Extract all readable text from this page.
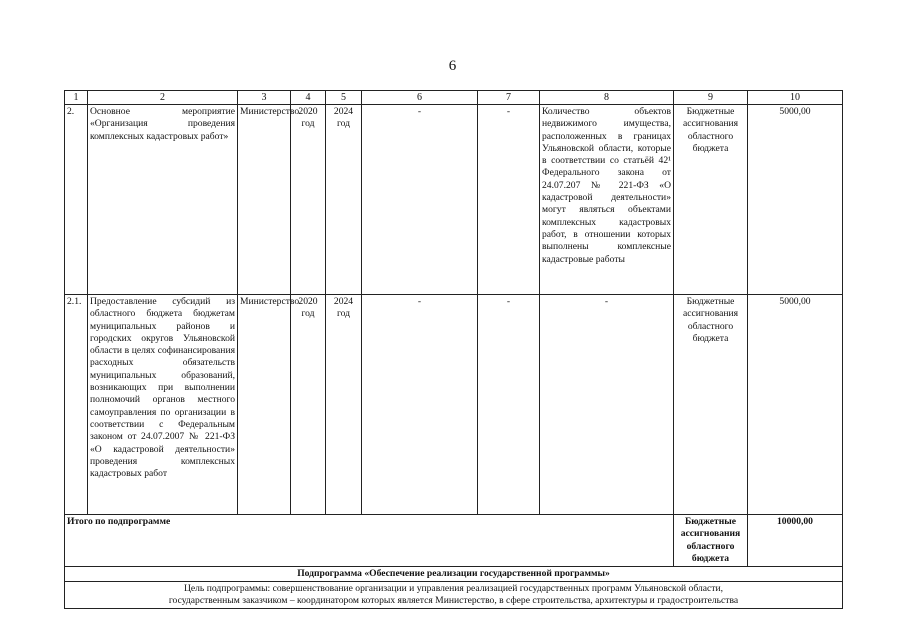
6
1	2	3	4	5	6	7	8	9	10
2.	Основное мероприятие «Организация проведения комплексных кадастровых работ»	Министерство	2020 год	2024 год	-	-	Количество объектов недвижимого имущества, расположенных в границах Ульяновской области, которые в соответствии со статьёй 42¹ Федерального закона от 24.07.207 № 221-ФЗ «О кадастровой деятельности» могут являться объектами комплексных кадастровых работ, в отношении которых выполнены комплексные кадастровые работы	Бюджетные ассигнования областного бюджета	5000,00
2.1.	Предоставление субсидий из областного бюджета бюджетам муниципальных районов и городских округов Ульяновской области в целях софинансирования расходных обязательств муниципальных образований, возникающих при выполнении полномочий органов местного самоуправления по организации в соответствии с Федеральным законом от 24.07.2007 № 221-ФЗ «О кадастровой деятельности» проведения комплексных кадастровых работ	Министерство	2020 год	2024 год	-	-	-	Бюджетные ассигнования областного бюджета	5000,00
Итого по подпрограмме								Бюджетные ассигнования областного бюджета	10000,00
Подпрограмма «Обеспечение реализации государственной программы»									

Цель подпрограммы: совершенствование организации и управления реализацией государственных программ Ульяновской области,
государственным заказчиком – координатором которых является Министерство, в сфере строительства, архитектуры и градостроительства									
